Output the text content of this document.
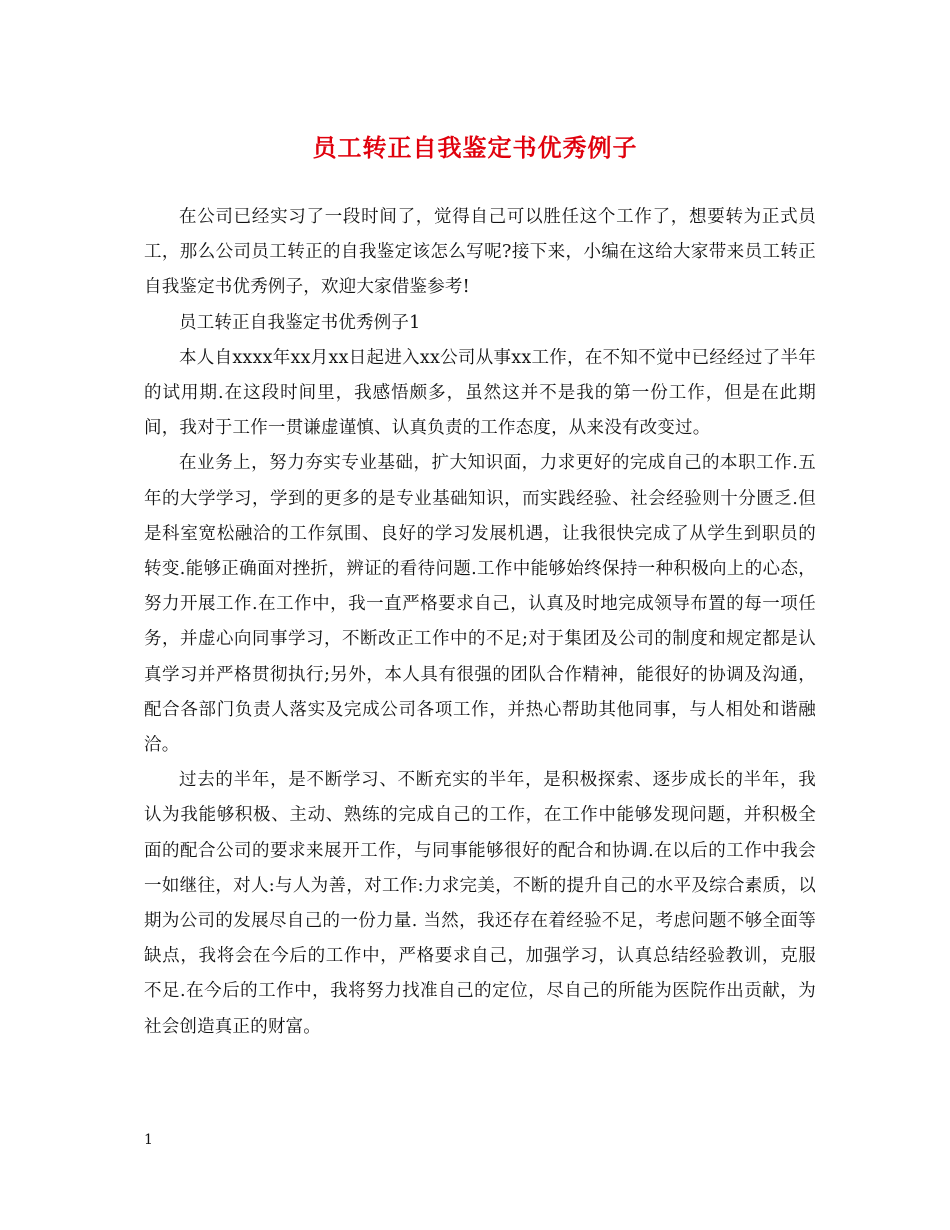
员工转正自我鉴定书优秀例子

在公司已经实习了一段时间了，觉得自己可以胜任这个工作了，想要转为正式员工，那么公司员工转正的自我鉴定该怎么写呢?接下来，小编在这给大家带来员工转正自我鉴定书优秀例子，欢迎大家借鉴参考!

员工转正自我鉴定书优秀例子1

本人自xxxx年xx月xx日起进入xx公司从事xx工作，在不知不觉中已经经过了半年的试用期.在这段时间里，我感悟颇多，虽然这并不是我的第一份工作，但是在此期间，我对于工作一贯谦虚谨慎、认真负责的工作态度，从来没有改变过。

在业务上，努力夯实专业基础，扩大知识面，力求更好的完成自己的本职工作.五年的大学学习，学到的更多的是专业基础知识，而实践经验、社会经验则十分匮乏.但是科室宽松融洽的工作氛围、良好的学习发展机遇，让我很快完成了从学生到职员的转变.能够正确面对挫折，辨证的看待问题.工作中能够始终保持一种积极向上的心态，努力开展工作.在工作中，我一直严格要求自己，认真及时地完成领导布置的每一项任务，并虚心向同事学习，不断改正工作中的不足;对于集团及公司的制度和规定都是认真学习并严格贯彻执行;另外，本人具有很强的团队合作精神，能很好的协调及沟通，配合各部门负责人落实及完成公司各项工作，并热心帮助其他同事，与人相处和谐融洽。

过去的半年，是不断学习、不断充实的半年，是积极探索、逐步成长的半年，我认为我能够积极、主动、熟练的完成自己的工作，在工作中能够发现问题，并积极全面的配合公司的要求来展开工作，与同事能够很好的配合和协调.在以后的工作中我会一如继往，对人:与人为善，对工作:力求完美，不断的提升自己的水平及综合素质，以期为公司的发展尽自己的一份力量. 当然，我还存在着经验不足，考虑问题不够全面等缺点，我将会在今后的工作中，严格要求自己，加强学习，认真总结经验教训，克服不足.在今后的工作中，我将努力找准自己的定位，尽自己的所能为医院作出贡献，为社会创造真正的财富。

1
